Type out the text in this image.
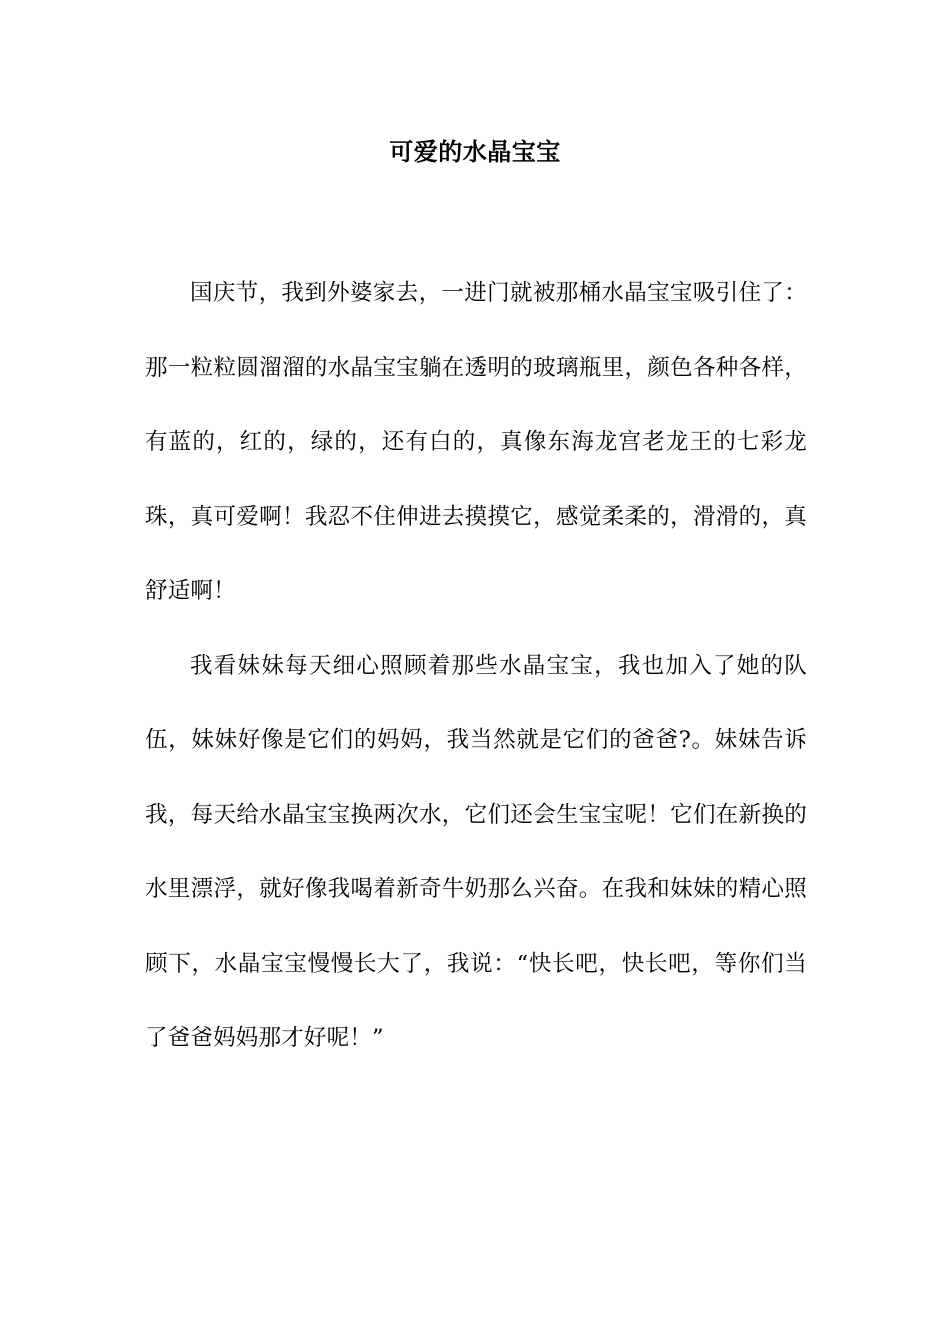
可爱的水晶宝宝

国庆节，我到外婆家去，一进门就被那桶水晶宝宝吸引住了：那一粒粒圆溜溜的水晶宝宝躺在透明的玻璃瓶里，颜色各种各样，有蓝的，红的，绿的，还有白的，真像东海龙宫老龙王的七彩龙珠，真可爱啊！我忍不住伸进去摸摸它，感觉柔柔的，滑滑的，真舒适啊！

我看妹妹每天细心照顾着那些水晶宝宝，我也加入了她的队伍，妹妹好像是它们的妈妈，我当然就是它们的爸爸?。妹妹告诉我，每天给水晶宝宝换两次水，它们还会生宝宝呢！它们在新换的水里漂浮，就好像我喝着新奇牛奶那么兴奋。在我和妹妹的精心照顾下，水晶宝宝慢慢长大了，我说：“快长吧，快长吧，等你们当了爸爸妈妈那才好呢！”
